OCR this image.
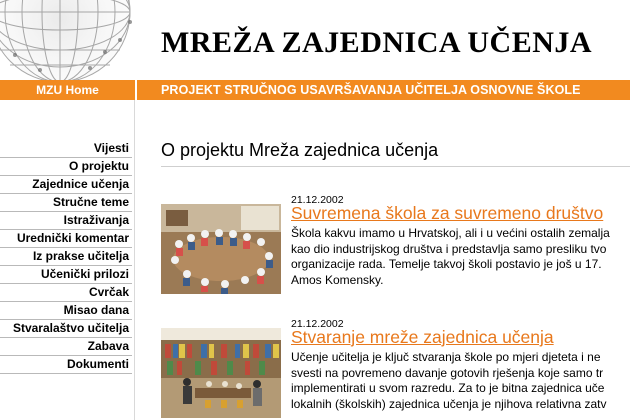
MREŽA ZAJEDNICA UČENJA
MZU Home	PROJEKT STRUČNOG USAVRŠAVANJA UČITELJA OSNOVNE ŠKOLE
Vijesti
O projektu
Zajednice učenja
Stručne teme
Istraživanja
Urednički komentar
Iz prakse učitelja
Učenički prilozi
Cvrčak
Misao dana
Stvaralaštvo učitelja
Zabava
Dokumenti
O projektu Mreža zajednica učenja
21.12.2002
Suvremena škola za suvremeno društvo
Škola kakvu imamo u Hrvatskoj, ali i u većini ostalih zemalja
kao dio industrijskog društva i predstavlja samo presliku tvo
organizacije rada. Temelje takvoj školi postavio je još u 17.
Amos Komensky.
21.12.2002
Stvaranje mreže zajednica učenja
Učenje učitelja je ključ stvaranja škole po mjeri djeteta i ne
svesti na povremeno davanje gotovih rješenja koje samo tr
implementirati u svom razredu. Za to je bitna zajednica uče
lokalnih (školskih) zajednica učenja je njihova relativna zatv
